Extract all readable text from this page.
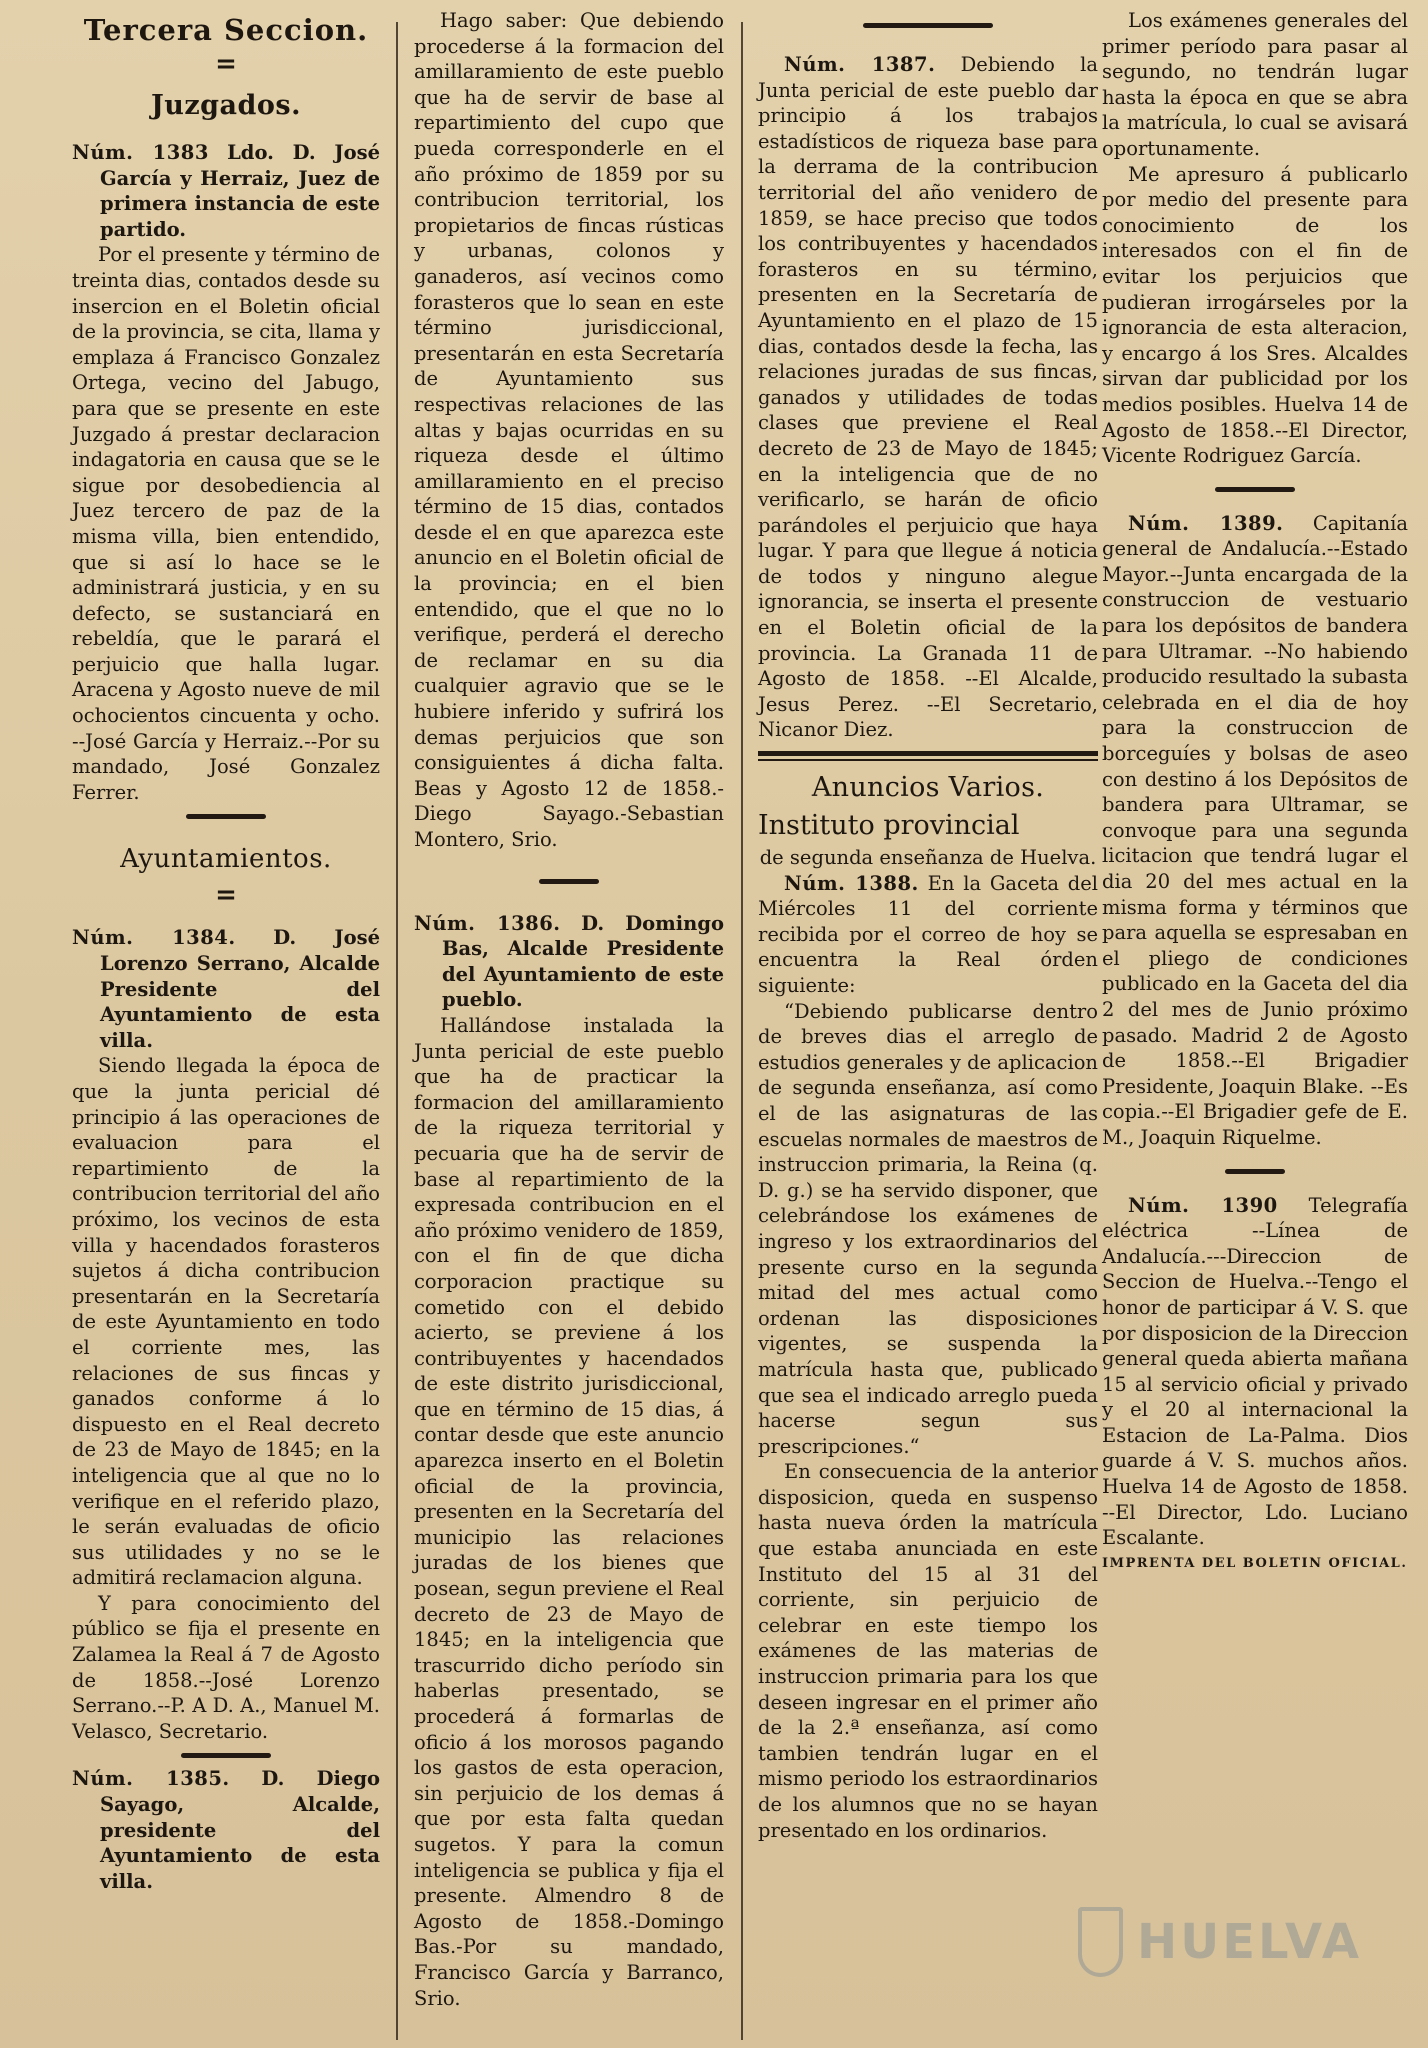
Tercera Seccion.
=
Juzgados.

Núm. 1383 Ldo. D. José García y Herraiz, Juez de primera instancia de este partido.

Por el presente y término de treinta dias, contados desde su insercion en el Boletin oficial de la provincia, se cita, llama y emplaza á Francisco Gonzalez Ortega, vecino del Jabugo, para que se presente en este Juzgado á prestar declaracion indagatoria en causa que se le sigue por desobediencia al Juez tercero de paz de la misma villa, bien entendido, que si así lo hace se le administrará justicia, y en su defecto, se sustanciará en rebeldía, que le parará el perjuicio que halla lugar. Aracena y Agosto nueve de mil ochocientos cincuenta y ocho. --José García y Herraiz.--Por su mandado, José Gonzalez Ferrer.

Ayuntamientos.
=

Núm. 1384. D. José Lorenzo Serrano, Alcalde Presidente del Ayuntamiento de esta villa.

Siendo llegada la época de que la junta pericial dé principio á las operaciones de evaluacion para el repartimiento de la contribucion territorial del año próximo, los vecinos de esta villa y hacendados forasteros sujetos á dicha contribucion presentarán en la Secretaría de este Ayuntamiento en todo el corriente mes, las relaciones de sus fincas y ganados conforme á lo dispuesto en el Real decreto de 23 de Mayo de 1845; en la inteligencia que al que no lo verifique en el referido plazo, le serán evaluadas de oficio sus utilidades y no se le admitirá reclamacion alguna.

Y para conocimiento del público se fija el presente en Zalamea la Real á 7 de Agosto de 1858.--José Lorenzo Serrano.--P. A D. A., Manuel M. Velasco, Secretario.

Núm. 1385. D. Diego Sayago, Alcalde, presidente del Ayuntamiento de esta villa.

Hago saber: Que debiendo procederse á la formacion del amillaramiento de este pueblo que ha de servir de base al repartimiento del cupo que pueda corresponderle en el año próximo de 1859 por su contribucion territorial, los propietarios de fincas rústicas y urbanas, colonos y ganaderos, así vecinos como forasteros que lo sean en este término jurisdiccional, presentarán en esta Secretaría de Ayuntamiento sus respectivas relaciones de las altas y bajas ocurridas en su riqueza desde el último amillaramiento en el preciso término de 15 dias, contados desde el en que aparezca este anuncio en el Boletin oficial de la provincia; en el bien entendido, que el que no lo verifique, perderá el derecho de reclamar en su dia cualquier agravio que se le hubiere inferido y sufrirá los demas perjuicios que son consiguientes á dicha falta. Beas y Agosto 12 de 1858.-Diego Sayago.-Sebastian Montero, Srio.

Núm. 1386. D. Domingo Bas, Alcalde Presidente del Ayuntamiento de este pueblo.

Hallándose instalada la Junta pericial de este pueblo que ha de practicar la formacion del amillaramiento de la riqueza territorial y pecuaria que ha de servir de base al repartimiento de la expresada contribucion en el año próximo venidero de 1859, con el fin de que dicha corporacion practique su cometido con el debido acierto, se previene á los contribuyentes y hacendados de este distrito jurisdiccional, que en término de 15 dias, á contar desde que este anuncio aparezca inserto en el Boletin oficial de la provincia, presenten en la Secretaría del municipio las relaciones juradas de los bienes que posean, segun previene el Real decreto de 23 de Mayo de 1845; en la inteligencia que trascurrido dicho período sin haberlas presentado, se procederá á formarlas de oficio á los morosos pagando los gastos de esta operacion, sin perjuicio de los demas á que por esta falta quedan sugetos. Y para la comun inteligencia se publica y fija el presente. Almendro 8 de Agosto de 1858.-Domingo Bas.-Por su mandado, Francisco García y Barranco, Srio.

Núm. 1387. Debiendo la Junta pericial de este pueblo dar principio á los trabajos estadísticos de riqueza base para la derrama de la contribucion territorial del año venidero de 1859, se hace preciso que todos los contribuyentes y hacendados forasteros en su término, presenten en la Secretaría de Ayuntamiento en el plazo de 15 dias, contados desde la fecha, las relaciones juradas de sus fincas, ganados y utilidades de todas clases que previene el Real decreto de 23 de Mayo de 1845; en la inteligencia que de no verificarlo, se harán de oficio parándoles el perjuicio que haya lugar. Y para que llegue á noticia de todos y ninguno alegue ignorancia, se inserta el presente en el Boletin oficial de la provincia. La Granada 11 de Agosto de 1858. --El Alcalde, Jesus Perez. --El Secretario, Nicanor Diez.

Anuncios Varios.
Instituto provincial

de segunda enseñanza de Huelva.

Núm. 1388. En la Gaceta del Miércoles 11 del corriente recibida por el correo de hoy se encuentra la Real órden siguiente:

“Debiendo publicarse dentro de breves dias el arreglo de estudios generales y de aplicacion de segunda enseñanza, así como el de las asignaturas de las escuelas normales de maestros de instruccion primaria, la Reina (q. D. g.) se ha servido disponer, que celebrándose los exámenes de ingreso y los extraordinarios del presente curso en la segunda mitad del mes actual como ordenan las disposiciones vigentes, se suspenda la matrícula hasta que, publicado que sea el indicado arreglo pueda hacerse segun sus prescripciones.“

En consecuencia de la anterior disposicion, queda en suspenso hasta nueva órden la matrícula que estaba anunciada en este Instituto del 15 al 31 del corriente, sin perjuicio de celebrar en este tiempo los exámenes de las materias de instruccion primaria para los que deseen ingresar en el primer año de la 2.ª enseñanza, así como tambien tendrán lugar en el mismo periodo los estraordinarios de los alumnos que no se hayan presentado en los ordinarios.

Los exámenes generales del primer período para pasar al segundo, no tendrán lugar hasta la época en que se abra la matrícula, lo cual se avisará oportunamente.

Me apresuro á publicarlo por medio del presente para conocimiento de los interesados con el fin de evitar los perjuicios que pudieran irrogárseles por la ignorancia de esta alteracion, y encargo á los Sres. Alcaldes sirvan dar publicidad por los medios posibles. Huelva 14 de Agosto de 1858.--El Director, Vicente Rodriguez García.

Núm. 1389. Capitanía general de Andalucía.--Estado Mayor.--Junta encargada de la construccion de vestuario para los depósitos de bandera para Ultramar. --No habiendo producido resultado la subasta celebrada en el dia de hoy para la construccion de borceguíes y bolsas de aseo con destino á los Depósitos de bandera para Ultramar, se convoque para una segunda licitacion que tendrá lugar el dia 20 del mes actual en la misma forma y términos que para aquella se espresaban en el pliego de condiciones publicado en la Gaceta del dia 2 del mes de Junio próximo pasado. Madrid 2 de Agosto de 1858.--El Brigadier Presidente, Joaquin Blake. --Es copia.--El Brigadier gefe de E. M., Joaquin Riquelme.

Núm. 1390 Telegrafía eléctrica --Línea de Andalucía.---Direccion de Seccion de Huelva.--Tengo el honor de participar á V. S. que por disposicion de la Direccion general queda abierta mañana 15 al servicio oficial y privado y el 20 al internacional la Estacion de La-Palma. Dios guarde á V. S. muchos años. Huelva 14 de Agosto de 1858. --El Director, Ldo. Luciano Escalante.

IMPRENTA DEL BOLETIN OFICIAL.

HUELVA
